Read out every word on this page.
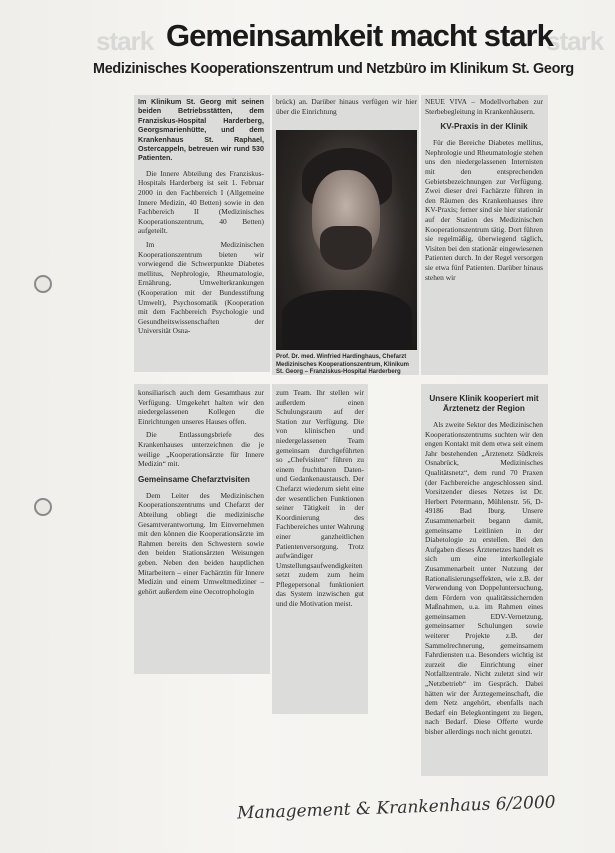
stark	stark
Gemeinsamkeit macht stark
Medizinisches Kooperationszentrum und Netzbüro im Klinikum St. Georg
Im Klinikum St. Georg mit seinen beiden Betriebsstätten, dem Franziskus-Hospital Harderberg, Georgsmarienhütte, und dem Krankenhaus St. Raphael, Ostercappeln, betreuen wir rund 530 Patienten.

Die Innere Abteilung des Franziskus-Hospitals Harderberg ist seit 1. Februar 2000 in den Fachbereich I (Allgemeine Innere Medizin, 40 Betten) sowie in den Fachbereich II (Medizinisches Kooperationszentrum, 40 Betten) aufgeteilt.

Im Medizinischen Kooperationszentrum bieten wir vorwiegend die Schwerpunkte Diabetes mellitus, Nephrologie, Rheumatologie, Ernährung, Umwelterkrankungen (Kooperation mit der Bundesstiftung Umwelt), Psychosomatik (Kooperation mit dem Fachbereich Psychologie und Gesundheitswissenschaften der Universität Osna-

brück) an. Darüber hinaus verfügen wir hier über die Einrichtung

Prof. Dr. med. Winfried Hardinghaus, Chefarzt Medizinisches Kooperationszentrum, Klinikum St. Georg – Franziskus-Hospital Harderberg

NEUE VIVA – Modellvorhaben zur Sterbebegleitung in Krankenhäusern.

KV-Praxis in der Klinik

Für die Bereiche Diabetes mellitus, Nephrologie und Rheumatologie stehen uns den niedergelassenen Internisten mit den entsprechenden Gebietsbezeichnungen zur Verfügung. Zwei dieser drei Fachärzte führen in den Räumen des Krankenhauses ihre KV-Praxis; ferner sind sie hier stationär auf der Station des Medizinischen Kooperationszentrum tätig. Dort führen sie regelmäßig, überwiegend täglich, Visiten bei den stationär eingewiesenen Patienten durch. In der Regel versorgen sie etwa fünf Patienten. Darüber hinaus stehen wir

konsiliarisch auch dem Gesamthaus zur Verfügung. Umgekehrt halten wir den niedergelassenen Kollegen die Einrichtungen unseres Hauses offen.

Die Entlassungsbriefe des Krankenhauses unterzeichnen die je weilige „Kooperationsärzte für Innere Medizin“ mit.

Gemeinsame Chefarztvisiten

Dem Leiter des Medizinischen Kooperationszentrums und Chefarzt der Abteilung obliegt die medizinische Gesamtverantwortung. Im Einvernehmen mit den können die Kooperationsärzte im Rahmen bereits den Schwestern sowie den beiden Stationsärzten Weisungen geben. Neben den beiden hauptlichen Mitarbeitern – einer Fachärztin für Innere Medizin und einem Umweltmediziner – gehört außerdem eine Oecotrophologin

zum Team. Ihr stellen wir außerdem einen Schulungsraum auf der Station zur Verfügung. Die von klinischen und niedergelassenen Team gemeinsam durchgeführten so „Chefvisiten“ führen zu einem fruchtbaren Daten- und Gedankenaustausch. Der Chefarzt wiederum sieht eine der wesentlichen Funktionen seiner Tätigkeit in der Koordinierung des Fachbereiches unter Wahrung einer ganzheitlichen Patientenversorgung. Trotz aufwändiger Umstellungsaufwendigkeiten setzt zudem zum heim Pflegepersonal funktioniert das System inzwischen gut und die Motivation meist.

Unsere Klinik kooperiert mit Ärztenetz der Region

Als zweite Sektor des Medizinischen Kooperationszentrums suchten wir den engen Kontakt mit dem etwa seit einem Jahr bestehenden „Ärztenetz Südkreis Osnabrück, Medizinisches Qualitätsnetz“, dem rund 70 Praxen (der Fachbereiche angeschlossen sind. Vorsitzender dieses Netzes ist Dr. Herbert Petermann, Mühlenstr. 56, D-49186 Bad Iburg. Unsere Zusammenarbeit begann damit, gemeinsame Leitlinien in der Diabetologie zu erstellen. Bei den Aufgaben dieses Ärztenetzes handelt es sich um eine interkollegiale Zusammenarbeit unter Nutzung der Rationalisierungseffekten, wie z.B. der Verwendung von Doppeluntersuchung, dem Fördern von qualitätssichernden Maßnahmen, u.a. im Rahmen eines gemeinsamen EDV-Vernetzung, gemeinsamer Schulungen sowie weiterer Projekte z.B. der Sammelrechnerung, gemeinsamem Fahrdiensten u.a. Besonders wichtig ist zurzeit die Einrichtung einer Notfallzentrale. Nicht zuletzt sind wir „Netzbetrieb“ im Gespräch. Dabei hätten wir der Ärztegemeinschaft, die dem Netz angehört, ebenfalls nach Bedarf ein Belegkontingent zu liegen, nach Bedarf. Diese Offerte wurde bisher allerdings noch nicht genutzt.

Management & Krankenhaus 6/2000
